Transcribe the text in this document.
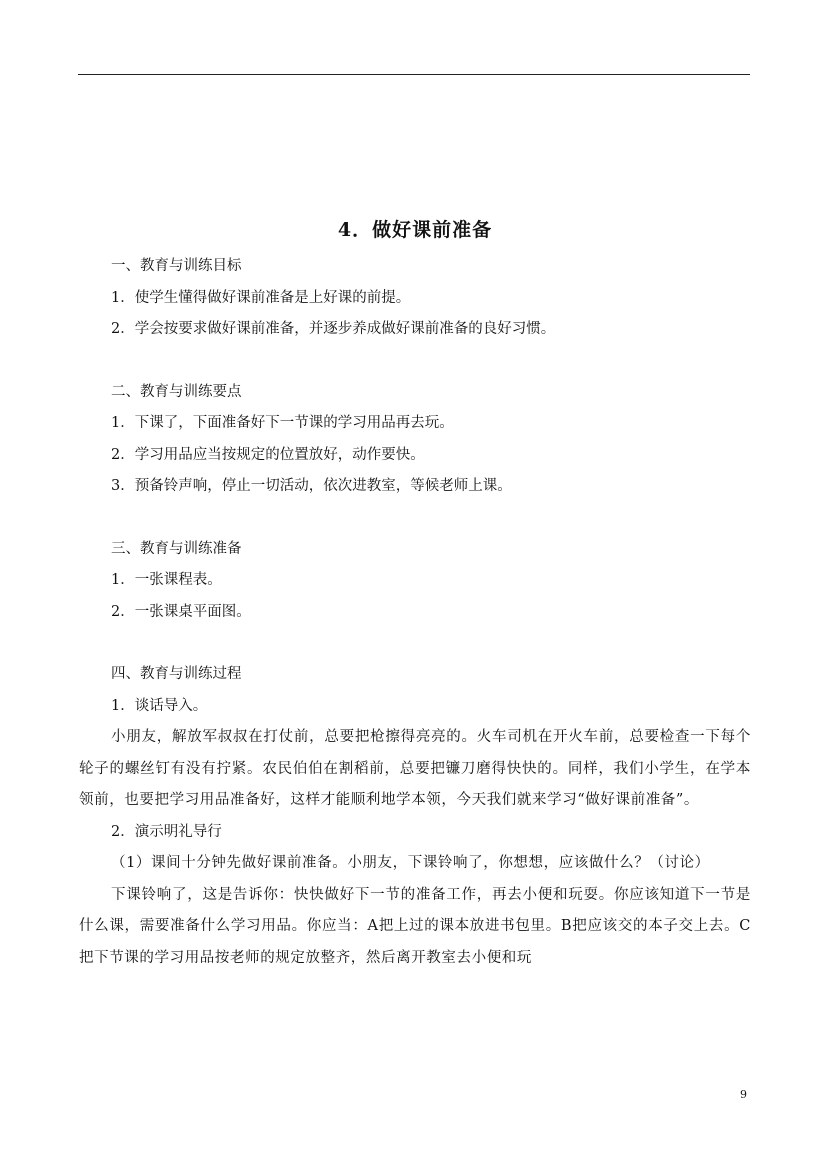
4．做好课前准备
一、教育与训练目标
1．使学生懂得做好课前准备是上好课的前提。
2．学会按要求做好课前准备，并逐步养成做好课前准备的良好习惯。
二、教育与训练要点
1．下课了，下面准备好下一节课的学习用品再去玩。
2．学习用品应当按规定的位置放好，动作要快。
3．预备铃声响，停止一切活动，依次进教室，等候老师上课。
三、教育与训练准备
1．一张课程表。
2．一张课桌平面图。
四、教育与训练过程
1．谈话导入。

小朋友，解放军叔叔在打仗前，总要把枪擦得亮亮的。火车司机在开火车前，总要检查一下每个轮子的螺丝钉有没有拧紧。农民伯伯在割稻前，总要把镰刀磨得快快的。同样，我们小学生，在学本领前，也要把学习用品准备好，这样才能顺利地学本领，今天我们就来学习“做好课前准备”。

2．演示明礼导行

（1）课间十分钟先做好课前准备。小朋友，下课铃响了，你想想，应该做什么？（讨论）

下课铃响了，这是告诉你：快快做好下一节的准备工作，再去小便和玩耍。你应该知道下一节是什么课，需要准备什么学习用品。你应当：A把上过的课本放进书包里。B把应该交的本子交上去。C把下节课的学习用品按老师的规定放整齐，然后离开教室去小便和玩

9
